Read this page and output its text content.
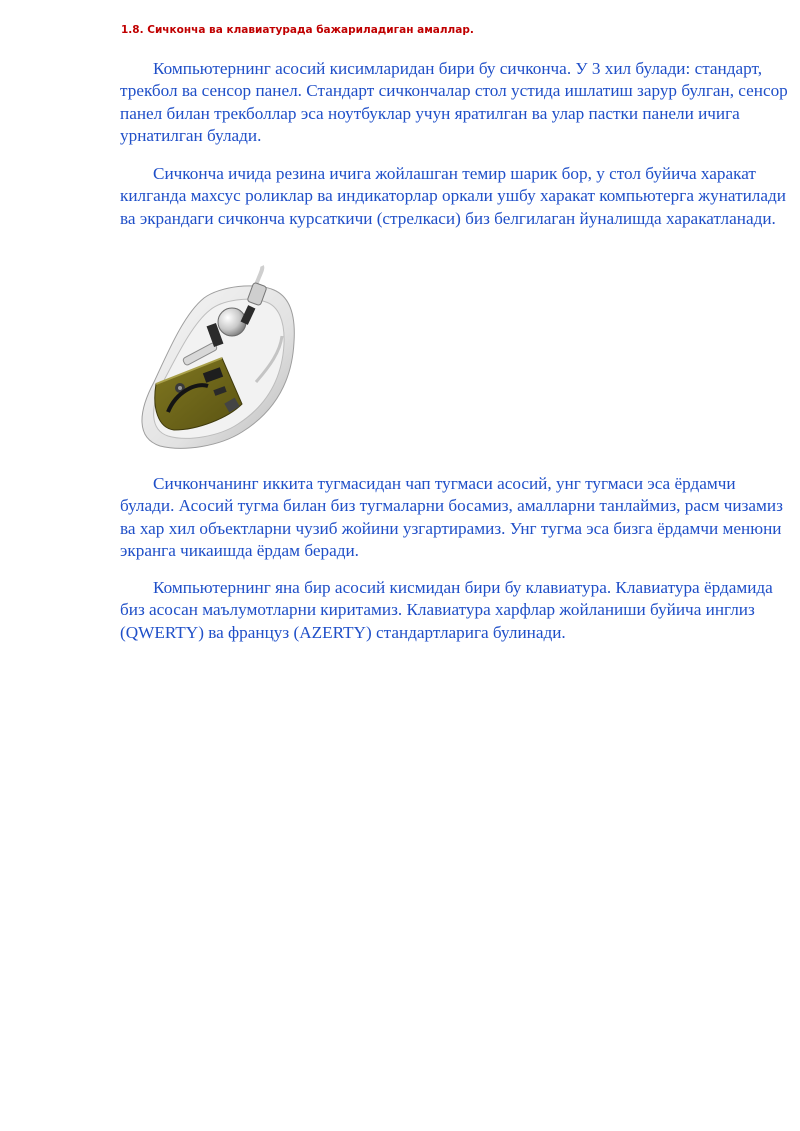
1.8. Сичконча ва клавиатурада бажариладиган амаллар.

Компьютернинг асосий кисимларидан бири бу сичконча. У 3 хил булади: стандарт, трекбол ва сенсор панел. Стандарт сичкончалар стол устида ишлатиш зарур булган, сенсор панел билан трекболлар эса ноутбуклар учун яратилган ва улар пастки панели ичига урнатилган булади.

Сичконча ичида резина ичига жойлашган темир шарик бор, у стол буйича харакат килганда махсус роликлар ва индикаторлар оркали ушбу харакат компьютерга жунатилади ва экрандаги сичконча курсаткичи (стрелкаси) биз белгилаган йуналишда харакатланади.

Сичкончанинг иккита тугмасидан чап тугмаси асосий, унг тугмаси эса ёрдамчи булади. Асосий тугма билан биз тугмаларни босамиз, амалларни танлаймиз, расм чизамиз ва хар хил объектларни чузиб жойини узгартирамиз. Унг тугма эса бизга ёрдамчи менюни экранга чикаишда ёрдам беради.

Компьютернинг яна бир асосий кисмидан бири бу клавиатура. Клавиатура ёрдамида биз асосан маълумотларни киритамиз. Клавиатура харфлар жойланиши буйича инглиз (QWERTY) ва француз (AZERTY) стандартларига булинади.
